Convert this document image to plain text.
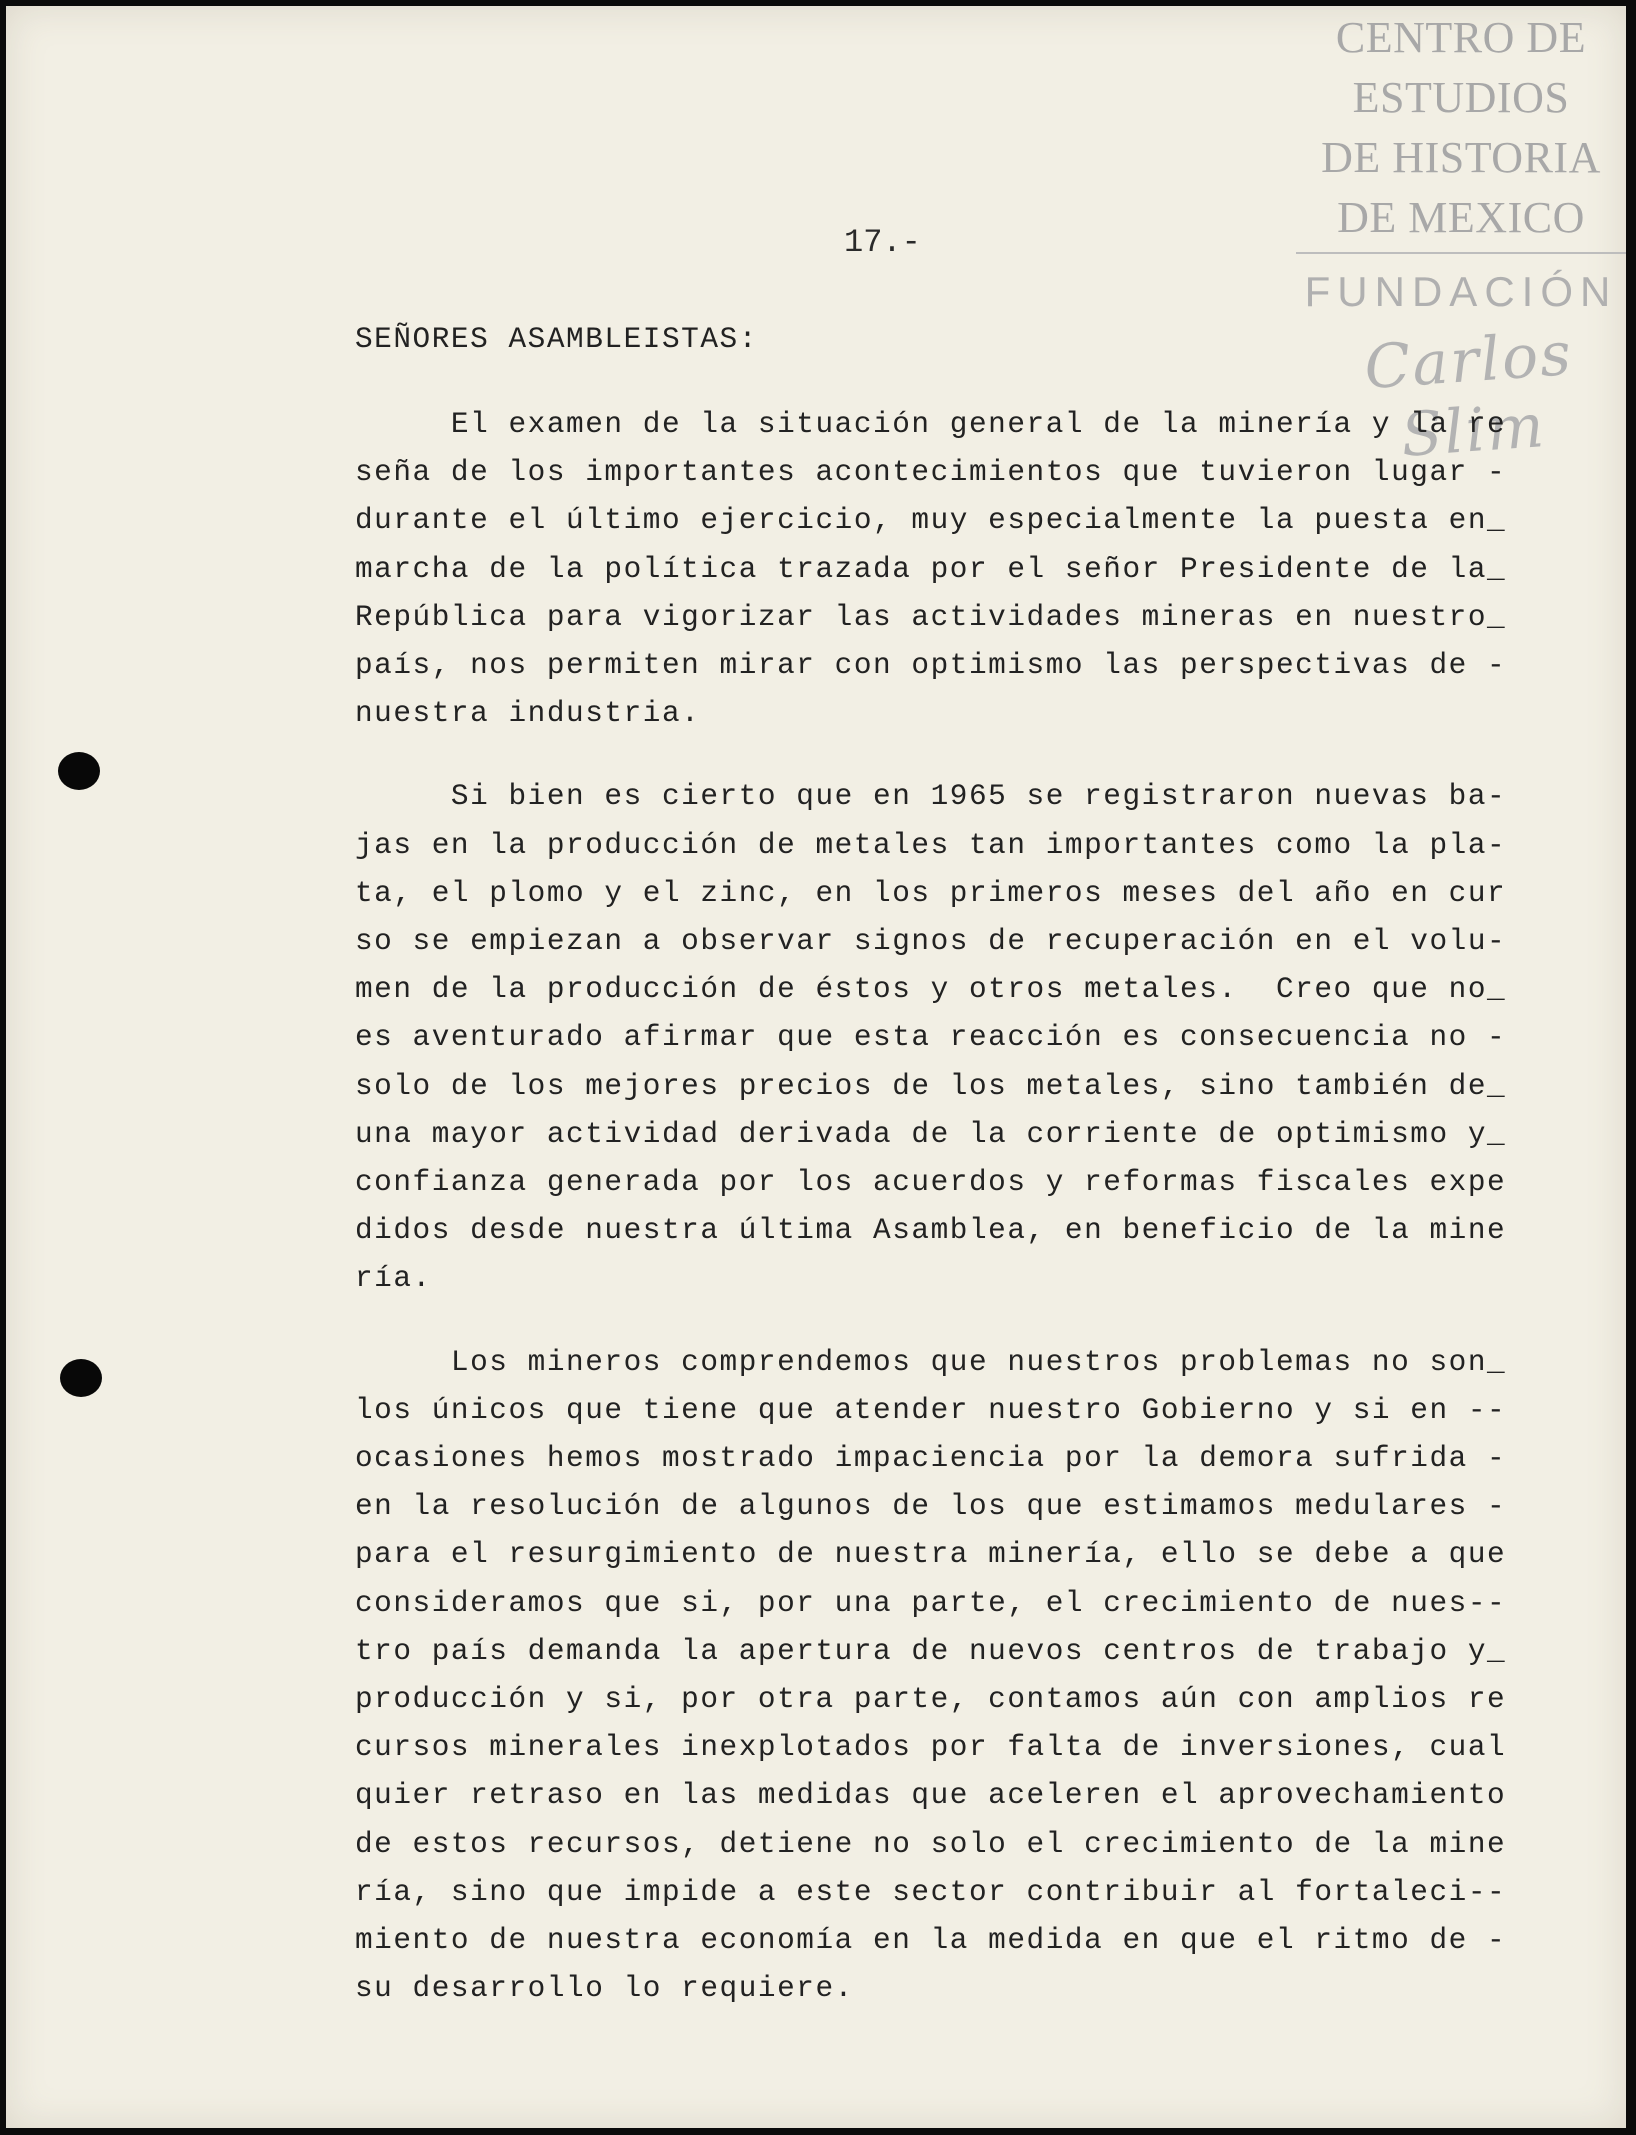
CENTRO DE
ESTUDIOS
DE HISTORIA
DE MEXICO
FUNDACIÓN
Carlos Slim
17.-
SEÑORES ASAMBLEISTAS:
El examen de la situación general de la minería y la re
seña de los importantes acontecimientos que tuvieron lugar -
durante el último ejercicio, muy especialmente la puesta en_
marcha de la política trazada por el señor Presidente de la_
República para vigorizar las actividades mineras en nuestro_
país, nos permiten mirar con optimismo las perspectivas de -
nuestra industria.
Si bien es cierto que en 1965 se registraron nuevas ba-
jas en la producción de metales tan importantes como la pla-
ta, el plomo y el zinc, en los primeros meses del año en cur
so se empiezan a observar signos de recuperación en el volu-
men de la producción de éstos y otros metales.  Creo que no_
es aventurado afirmar que esta reacción es consecuencia no -
solo de los mejores precios de los metales, sino también de_
una mayor actividad derivada de la corriente de optimismo y_
confianza generada por los acuerdos y reformas fiscales expe
didos desde nuestra última Asamblea, en beneficio de la mine
ría.
Los mineros comprendemos que nuestros problemas no son_
los únicos que tiene que atender nuestro Gobierno y si en --
ocasiones hemos mostrado impaciencia por la demora sufrida -
en la resolución de algunos de los que estimamos medulares -
para el resurgimiento de nuestra minería, ello se debe a que
consideramos que si, por una parte, el crecimiento de nues--
tro país demanda la apertura de nuevos centros de trabajo y_
producción y si, por otra parte, contamos aún con amplios re
cursos minerales inexplotados por falta de inversiones, cual
quier retraso en las medidas que aceleren el aprovechamiento
de estos recursos, detiene no solo el crecimiento de la mine
ría, sino que impide a este sector contribuir al fortaleci--
miento de nuestra economía en la medida en que el ritmo de -
su desarrollo lo requiere.
